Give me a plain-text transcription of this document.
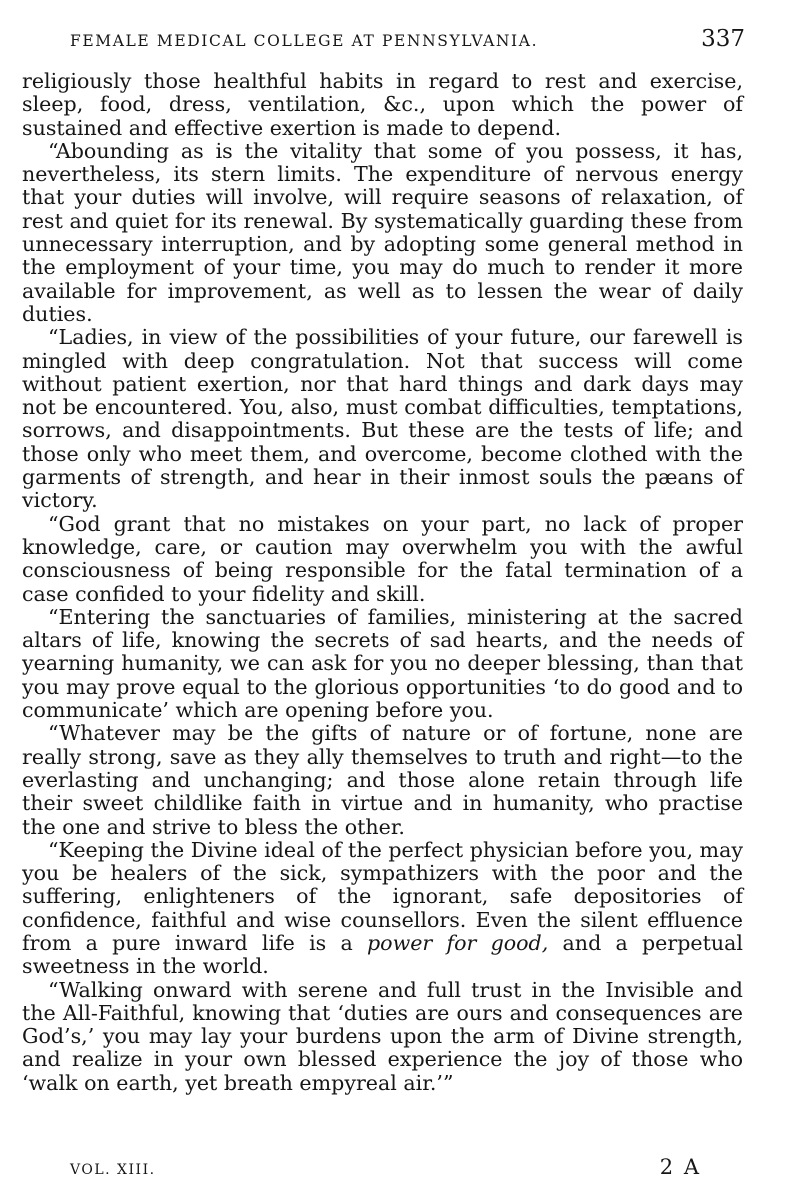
FEMALE MEDICAL COLLEGE AT PENNSYLVANIA.	337

religiously those healthful habits in regard to rest and exercise, sleep, food, dress, ventilation, &c., upon which the power of sustained and effective exertion is made to depend.

“Abounding as is the vitality that some of you possess, it has, nevertheless, its stern limits. The expenditure of nervous energy that your duties will involve, will require seasons of relaxation, of rest and quiet for its renewal. By systematically guarding these from unnecessary interruption, and by adopting some general method in the employment of your time, you may do much to render it more available for improvement, as well as to lessen the wear of daily duties.

“Ladies, in view of the possibilities of your future, our farewell is mingled with deep congratulation. Not that success will come without patient exertion, nor that hard things and dark days may not be encountered. You, also, must combat difficulties, temptations, sorrows, and disappointments. But these are the tests of life; and those only who meet them, and overcome, become clothed with the garments of strength, and hear in their inmost souls the pæans of victory.

“God grant that no mistakes on your part, no lack of proper knowledge, care, or caution may overwhelm you with the awful consciousness of being responsible for the fatal termination of a case confided to your fidelity and skill.

“Entering the sanctuaries of families, ministering at the sacred altars of life, knowing the secrets of sad hearts, and the needs of yearning humanity, we can ask for you no deeper blessing, than that you may prove equal to the glorious opportunities ‘to do good and to communicate’ which are opening before you.

“Whatever may be the gifts of nature or of fortune, none are really strong, save as they ally themselves to truth and right—to the everlasting and unchanging; and those alone retain through life their sweet childlike faith in virtue and in humanity, who practise the one and strive to bless the other.

“Keeping the Divine ideal of the perfect physician before you, may you be healers of the sick, sympathizers with the poor and the suffering, enlighteners of the ignorant, safe depositories of confidence, faithful and wise counsellors. Even the silent effluence from a pure inward life is a power for good, and a perpetual sweetness in the world.

“Walking onward with serene and full trust in the Invisible and the All-Faithful, knowing that ‘duties are ours and consequences are God’s,’ you may lay your burdens upon the arm of Divine strength, and realize in your own blessed experience the joy of those who ‘walk on earth, yet breath empyreal air.’”

VOL. XIII.	2 A
